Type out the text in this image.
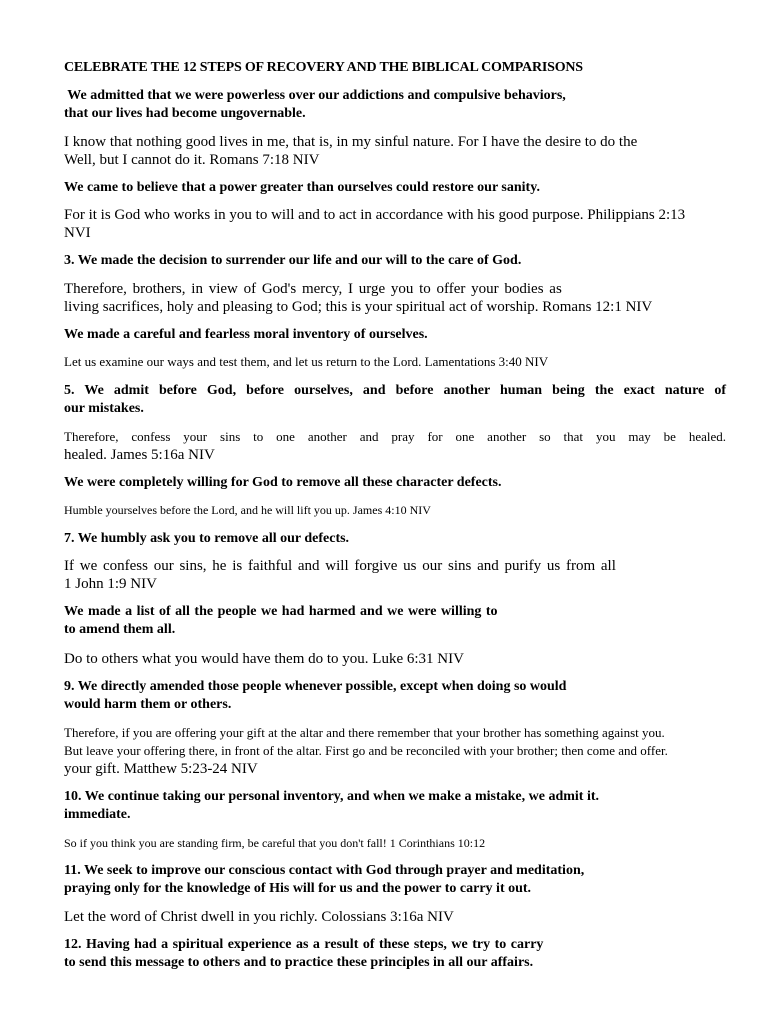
CELEBRATE THE 12 STEPS OF RECOVERY AND THE BIBLICAL COMPARISONS
We admitted that we were powerless over our addictions and compulsive behaviors,
that our lives had become ungovernable.
I know that nothing good lives in me, that is, in my sinful nature. For I have the desire to do the
Well, but I cannot do it. Romans 7:18 NIV
We came to believe that a power greater than ourselves could restore our sanity.
For it is God who works in you to will and to act in accordance with his good purpose. Philippians 2:13
NVI
3. We made the decision to surrender our life and our will to the care of God.
Therefore, brothers, in view of God's mercy, I urge you to offer your bodies as
living sacrifices, holy and pleasing to God; this is your spiritual act of worship. Romans 12:1 NIV
We made a careful and fearless moral inventory of ourselves.
Let us examine our ways and test them, and let us return to the Lord. Lamentations 3:40 NIV
5. We admit before God, before ourselves, and before another human being the exact nature of
our mistakes.
Therefore, confess your sins to one another and pray for one another so that you may be healed.
healed. James 5:16a NIV
We were completely willing for God to remove all these character defects.
Humble yourselves before the Lord, and he will lift you up. James 4:10 NIV
7. We humbly ask you to remove all our defects.
If we confess our sins, he is faithful and will forgive us our sins and purify us from all
1 John 1:9 NIV
We made a list of all the people we had harmed and we were willing to
to amend them all.
Do to others what you would have them do to you. Luke 6:31 NIV
9. We directly amended those people whenever possible, except when doing so would
would harm them or others.
Therefore, if you are offering your gift at the altar and there remember that your brother has something against you.
But leave your offering there, in front of the altar. First go and be reconciled with your brother; then come and offer.
your gift. Matthew 5:23-24 NIV
10. We continue taking our personal inventory, and when we make a mistake, we admit it.
immediate.
So if you think you are standing firm, be careful that you don't fall! 1 Corinthians 10:12
11. We seek to improve our conscious contact with God through prayer and meditation,
praying only for the knowledge of His will for us and the power to carry it out.
Let the word of Christ dwell in you richly. Colossians 3:16a NIV
12. Having had a spiritual experience as a result of these steps, we try to carry
to send this message to others and to practice these principles in all our affairs.
